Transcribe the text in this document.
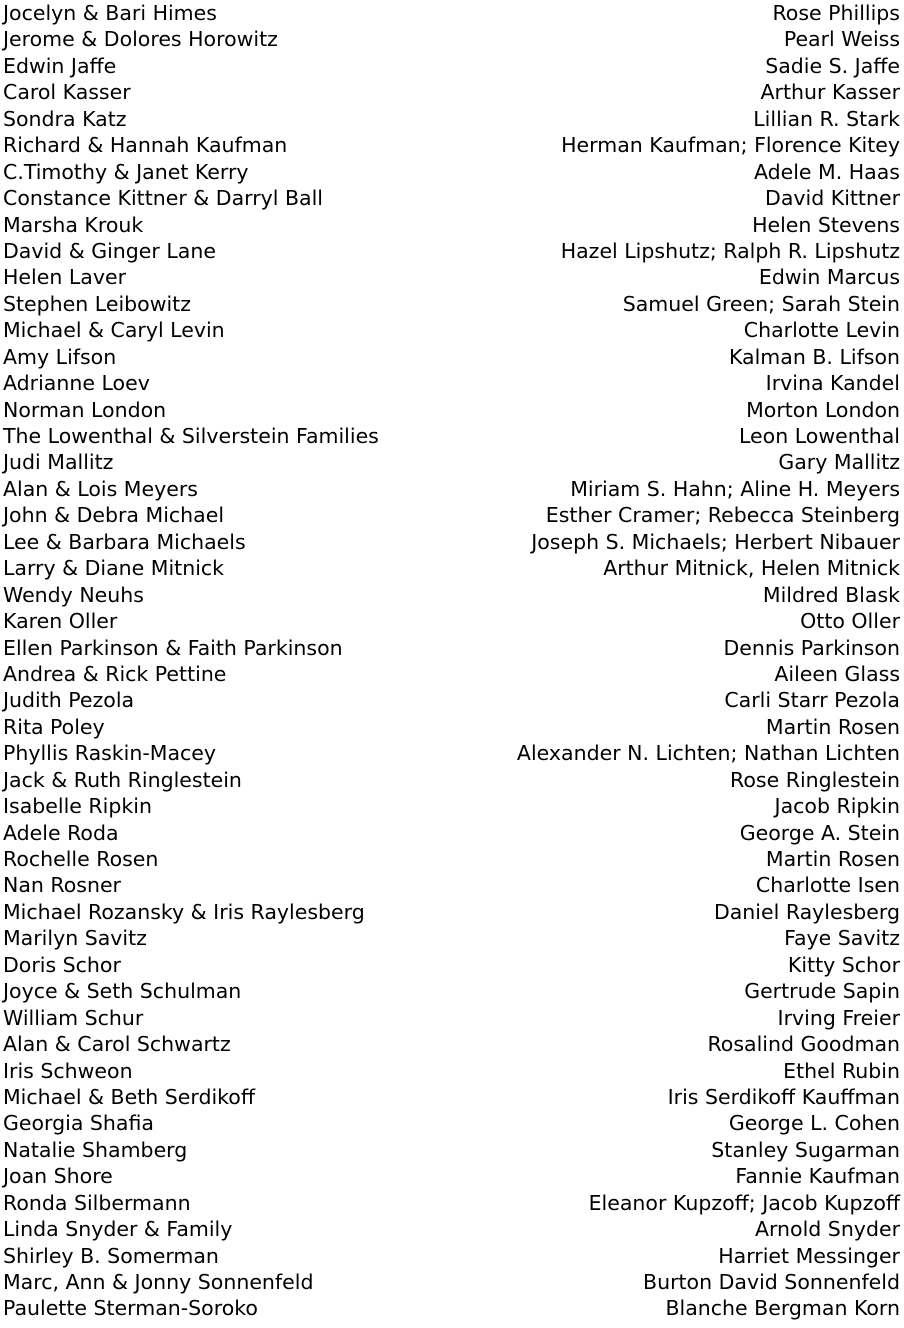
Jocelyn & Bari Himes	Rose Phillips
Jerome & Dolores Horowitz	Pearl Weiss
Edwin Jaffe	Sadie S. Jaffe
Carol Kasser	Arthur Kasser
Sondra Katz	Lillian R. Stark
Richard & Hannah Kaufman	Herman Kaufman; Florence Kitey
C.Timothy & Janet Kerry	Adele M. Haas
Constance Kittner & Darryl Ball	David Kittner
Marsha Krouk	Helen Stevens
David & Ginger Lane	Hazel Lipshutz; Ralph R. Lipshutz
Helen Laver	Edwin Marcus
Stephen Leibowitz	Samuel Green; Sarah Stein
Michael & Caryl Levin	Charlotte Levin
Amy Lifson	Kalman B. Lifson
Adrianne Loev	Irvina Kandel
Norman London	Morton London
The Lowenthal & Silverstein Families	Leon Lowenthal
Judi Mallitz	Gary Mallitz
Alan & Lois Meyers	Miriam S. Hahn; Aline H. Meyers
John & Debra Michael	Esther Cramer; Rebecca Steinberg
Lee & Barbara Michaels	Joseph S. Michaels; Herbert Nibauer
Larry & Diane Mitnick	Arthur Mitnick, Helen Mitnick
Wendy Neuhs	Mildred Blask
Karen Oller	Otto Oller
Ellen Parkinson & Faith Parkinson	Dennis Parkinson
Andrea & Rick Pettine	Aileen Glass
Judith Pezola	Carli Starr Pezola
Rita Poley	Martin Rosen
Phyllis Raskin-Macey	Alexander N. Lichten; Nathan Lichten
Jack & Ruth Ringlestein	Rose Ringlestein
Isabelle Ripkin	Jacob Ripkin
Adele Roda	George A. Stein
Rochelle Rosen	Martin Rosen
Nan Rosner	Charlotte Isen
Michael Rozansky & Iris Raylesberg	Daniel Raylesberg
Marilyn Savitz	Faye Savitz
Doris Schor	Kitty Schor
Joyce & Seth Schulman	Gertrude Sapin
William Schur	Irving Freier
Alan & Carol Schwartz	Rosalind Goodman
Iris Schweon	Ethel Rubin
Michael & Beth Serdikoff	Iris Serdikoff Kauffman
Georgia Shafia	George L. Cohen
Natalie Shamberg	Stanley Sugarman
Joan Shore	Fannie Kaufman
Ronda Silbermann	Eleanor Kupzoff; Jacob Kupzoff
Linda Snyder & Family	Arnold Snyder
Shirley B. Somerman	Harriet Messinger
Marc, Ann & Jonny Sonnenfeld	Burton David Sonnenfeld
Paulette Sterman-Soroko	Blanche Bergman Korn
